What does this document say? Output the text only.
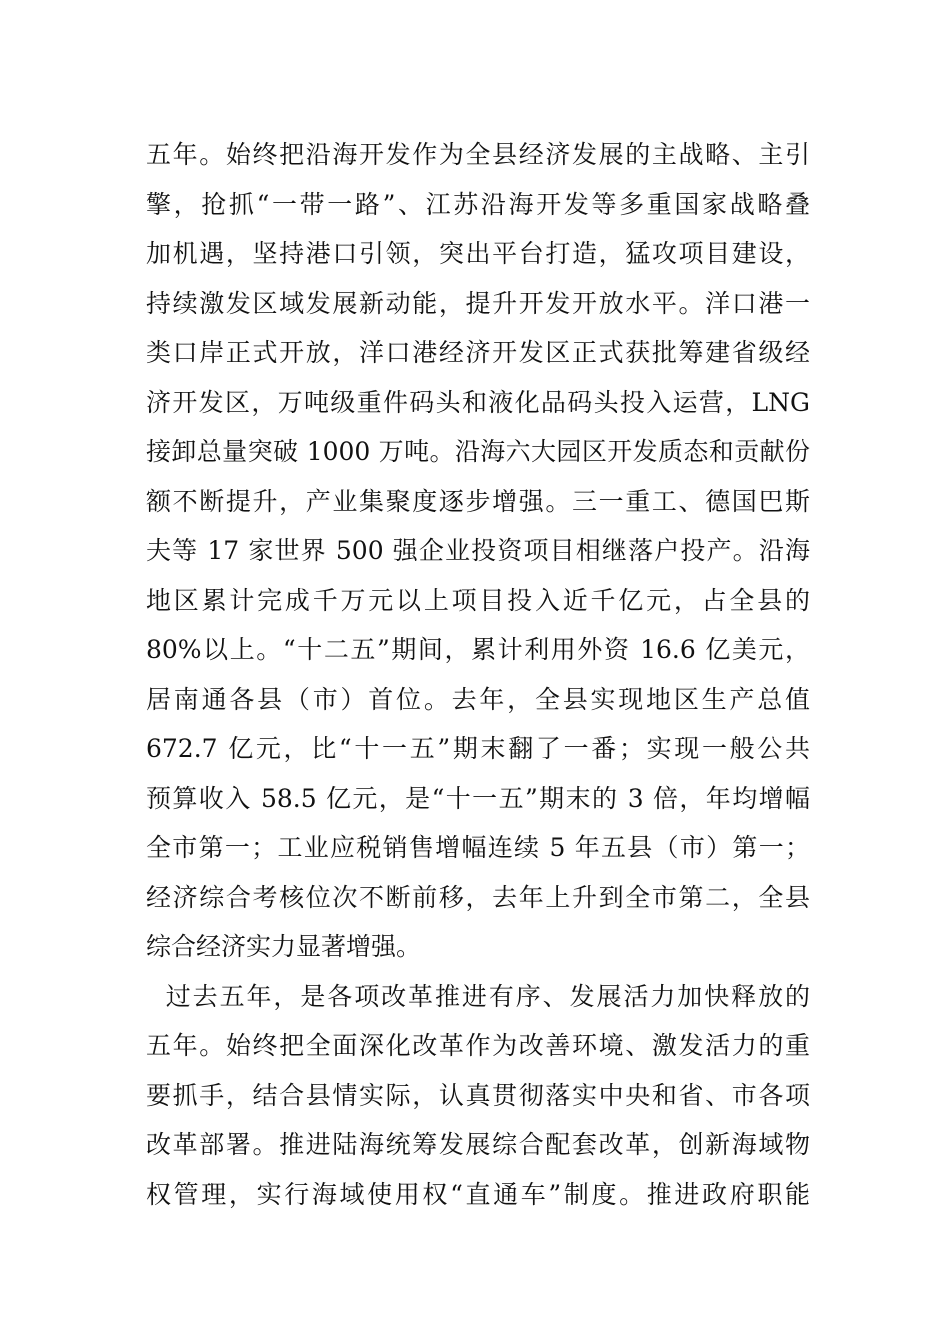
五年。始终把沿海开发作为全县经济发展的主战略、主引
擎，抢抓“一带一路”、江苏沿海开发等多重国家战略叠
加机遇，坚持港口引领，突出平台打造，猛攻项目建设，
持续激发区域发展新动能，提升开发开放水平。洋口港一
类口岸正式开放，洋口港经济开发区正式获批筹建省级经
济开发区，万吨级重件码头和液化品码头投入运营，LNG
接卸总量突破 1000 万吨。沿海六大园区开发质态和贡献份
额不断提升，产业集聚度逐步增强。三一重工、德国巴斯
夫等 17 家世界 500 强企业投资项目相继落户投产。沿海
地区累计完成千万元以上项目投入近千亿元，占全县的
80%以上。“十二五”期间，累计利用外资 16.6 亿美元，
居南通各县（市）首位。去年，全县实现地区生产总值
672.7 亿元，比“十一五”期末翻了一番；实现一般公共
预算收入 58.5 亿元，是“十一五”期末的 3 倍，年均增幅
全市第一；工业应税销售增幅连续 5 年五县（市）第一；
经济综合考核位次不断前移，去年上升到全市第二，全县
综合经济实力显著增强。
过去五年，是各项改革推进有序、发展活力加快释放的
五年。始终把全面深化改革作为改善环境、激发活力的重
要抓手，结合县情实际，认真贯彻落实中央和省、市各项
改革部署。推进陆海统筹发展综合配套改革，创新海域物
权管理，实行海域使用权“直通车”制度。推进政府职能
